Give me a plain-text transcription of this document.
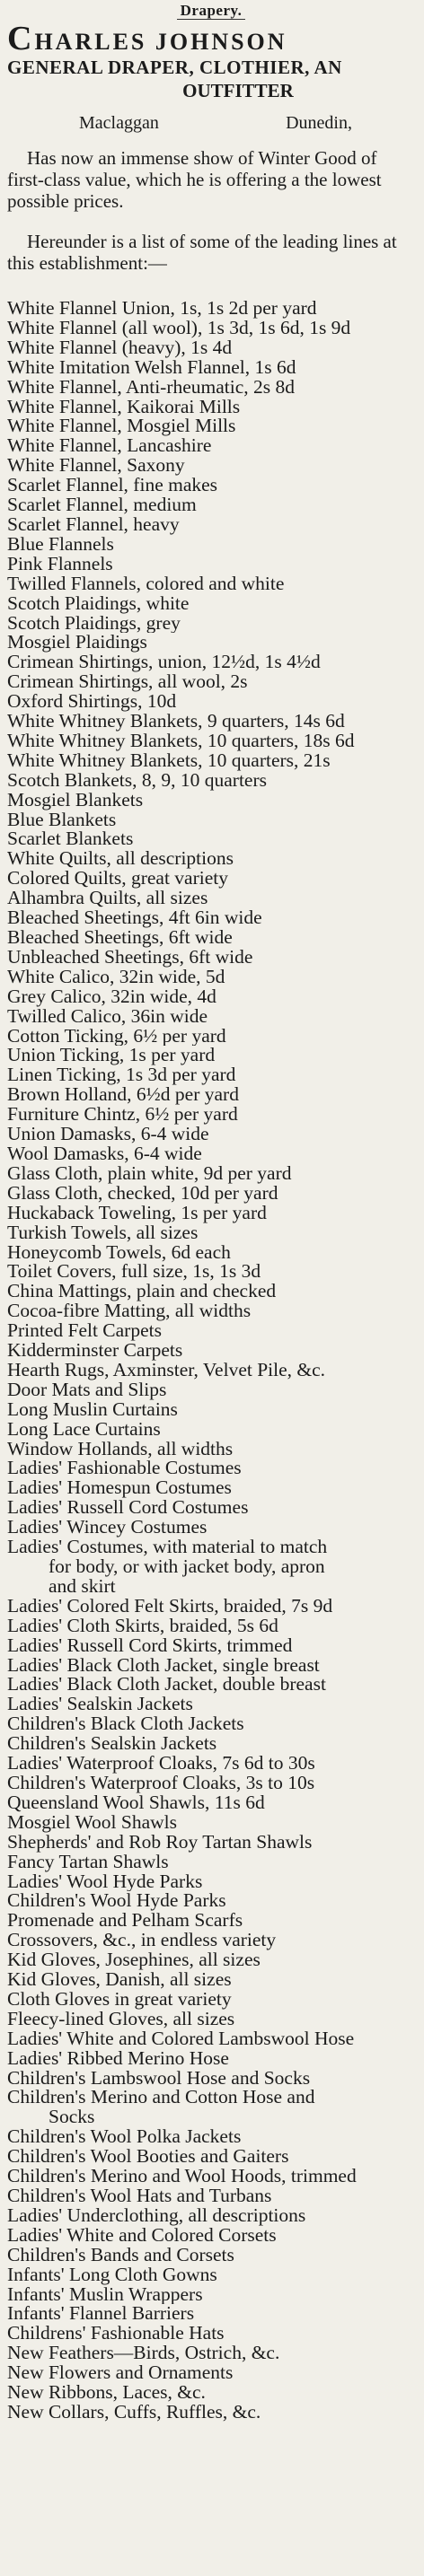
Drapery.
CHARLES JOHNSON
GENERAL DRAPER, CLOTHIER, AN
OUTFITTER
Maclaggan	Dunedin,

Has now an immense show of Winter Good of first-class value, which he is offering a the lowest possible prices.

Hereunder is a list of some of the leading lines at this establishment:—

White Flannel Union, 1s, 1s 2d per yard
White Flannel (all wool), 1s 3d, 1s 6d, 1s 9d
White Flannel (heavy), 1s 4d
White Imitation Welsh Flannel, 1s 6d
White Flannel, Anti-rheumatic, 2s 8d
White Flannel, Kaikorai Mills
White Flannel, Mosgiel Mills
White Flannel, Lancashire
White Flannel, Saxony
Scarlet Flannel, fine makes
Scarlet Flannel, medium
Scarlet Flannel, heavy
Blue Flannels
Pink Flannels
Twilled Flannels, colored and white
Scotch Plaidings, white
Scotch Plaidings, grey
Mosgiel Plaidings
Crimean Shirtings, union, 12½d, 1s 4½d
Crimean Shirtings, all wool, 2s
Oxford Shirtings, 10d
White Whitney Blankets, 9 quarters, 14s 6d
White Whitney Blankets, 10 quarters, 18s 6d
White Whitney Blankets, 10 quarters, 21s
Scotch Blankets, 8, 9, 10 quarters
Mosgiel Blankets
Blue Blankets
Scarlet Blankets
White Quilts, all descriptions
Colored Quilts, great variety
Alhambra Quilts, all sizes
Bleached Sheetings, 4ft 6in wide
Bleached Sheetings, 6ft wide
Unbleached Sheetings, 6ft wide
White Calico, 32in wide, 5d
Grey Calico, 32in wide, 4d
Twilled Calico, 36in wide
Cotton Ticking, 6½ per yard
Union Ticking, 1s per yard
Linen Ticking, 1s 3d per yard
Brown Holland, 6½d per yard
Furniture Chintz, 6½ per yard
Union Damasks, 6-4 wide
Wool Damasks, 6-4 wide
Glass Cloth, plain white, 9d per yard
Glass Cloth, checked, 10d per yard
Huckaback Toweling, 1s per yard
Turkish Towels, all sizes
Honeycomb Towels, 6d each
Toilet Covers, full size, 1s, 1s 3d
China Mattings, plain and checked
Cocoa-fibre Matting, all widths
Printed Felt Carpets
Kidderminster Carpets
Hearth Rugs, Axminster, Velvet Pile, &c.
Door Mats and Slips
Long Muslin Curtains
Long Lace Curtains
Window Hollands, all widths
Ladies' Fashionable Costumes
Ladies' Homespun Costumes
Ladies' Russell Cord Costumes
Ladies' Wincey Costumes
Ladies' Costumes, with material to match
for body, or with jacket body, apron
and skirt
Ladies' Colored Felt Skirts, braided, 7s 9d
Ladies' Cloth Skirts, braided, 5s 6d
Ladies' Russell Cord Skirts, trimmed
Ladies' Black Cloth Jacket, single breast
Ladies' Black Cloth Jacket, double breast
Ladies' Sealskin Jackets
Children's Black Cloth Jackets
Children's Sealskin Jackets
Ladies' Waterproof Cloaks, 7s 6d to 30s
Children's Waterproof Cloaks, 3s to 10s
Queensland Wool Shawls, 11s 6d
Mosgiel Wool Shawls
Shepherds' and Rob Roy Tartan Shawls
Fancy Tartan Shawls
Ladies' Wool Hyde Parks
Children's Wool Hyde Parks
Promenade and Pelham Scarfs
Crossovers, &c., in endless variety
Kid Gloves, Josephines, all sizes
Kid Gloves, Danish, all sizes
Cloth Gloves in great variety
Fleecy-lined Gloves, all sizes
Ladies' White and Colored Lambswool Hose
Ladies' Ribbed Merino Hose
Children's Lambswool Hose and Socks
Children's Merino and Cotton Hose and
Socks
Children's Wool Polka Jackets
Children's Wool Booties and Gaiters
Children's Merino and Wool Hoods, trimmed
Children's Wool Hats and Turbans
Ladies' Underclothing, all descriptions
Ladies' White and Colored Corsets
Children's Bands and Corsets
Infants' Long Cloth Gowns
Infants' Muslin Wrappers
Infants' Flannel Barriers
Childrens' Fashionable Hats
New Feathers—Birds, Ostrich, &c.
New Flowers and Ornaments
New Ribbons, Laces, &c.
New Collars, Cuffs, Ruffles, &c.
